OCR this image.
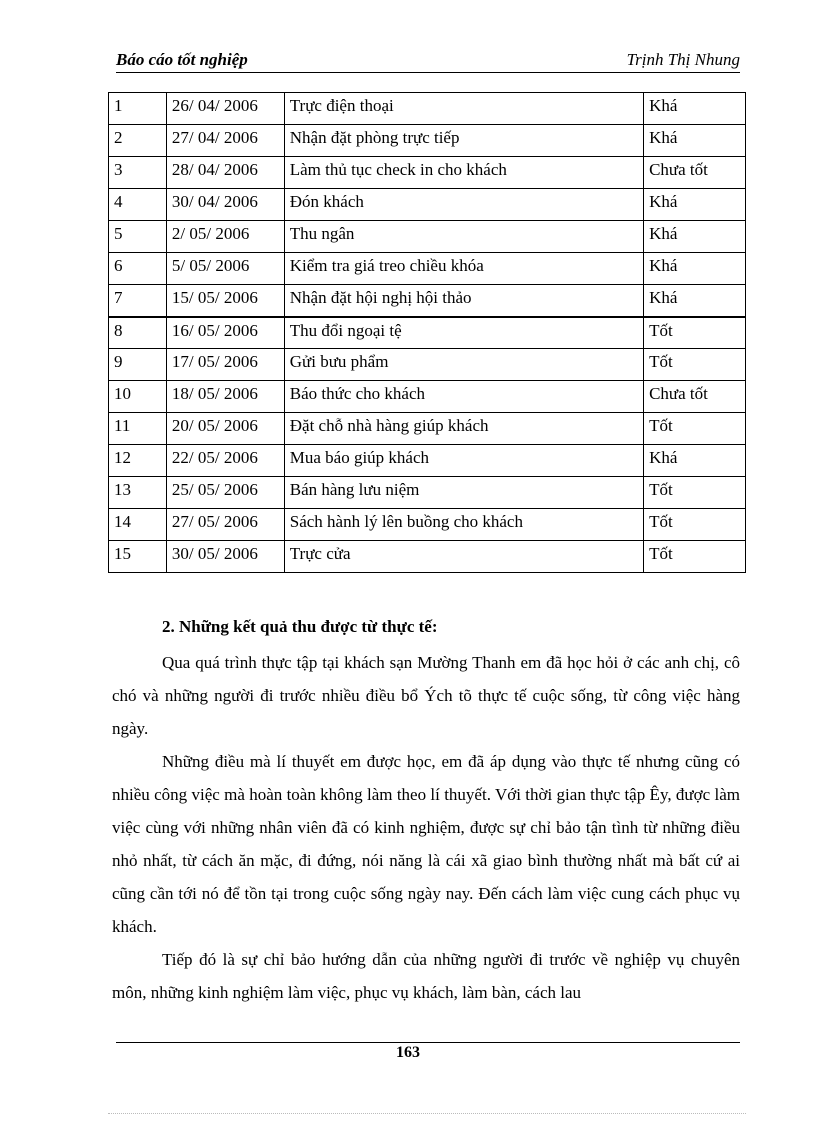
Báo cáo tốt nghiệp	Trịnh Thị Nhung
1	26/ 04/ 2006	Trực điện thoại	Khá
2	27/ 04/ 2006	Nhận đặt phòng trực tiếp	Khá
3	28/ 04/ 2006	Làm thủ tục check in cho khách	Chưa tốt
4	30/ 04/ 2006	Đón khách	Khá
5	2/ 05/ 2006	Thu ngân	Khá
6	5/ 05/ 2006	Kiểm tra giá treo chiều khóa	Khá
7	15/ 05/ 2006	Nhận đặt hội nghị hội thảo	Khá
8	16/ 05/ 2006	Thu đổi ngoại tệ	Tốt
9	17/ 05/ 2006	Gửi bưu phẩm	Tốt
10	18/ 05/ 2006	Báo thức cho khách	Chưa tốt
11	20/ 05/ 2006	Đặt chỗ nhà hàng giúp khách	Tốt
12	22/ 05/ 2006	Mua báo giúp khách	Khá
13	25/ 05/ 2006	Bán hàng lưu niệm	Tốt
14	27/ 05/ 2006	Sách hành lý lên buồng cho khách	Tốt
15	30/ 05/ 2006	Trực cửa	Tốt
2. Những kết quả thu được từ thực tế:

Qua quá trình thực tập tại khách sạn Mường Thanh em đã học hỏi ở các anh chị, cô chó và những người đi trước nhiều điều bổ Ých tõ thực tế cuộc sống, từ công việc hàng ngày.

Những điều mà lí thuyết em được học, em đã áp dụng vào thực tế nhưng cũng có nhiều công việc mà hoàn toàn không làm theo lí thuyết. Với thời gian thực tập Êy, được làm việc cùng với những nhân viên đã có kinh nghiệm, được sự chỉ bảo tận tình từ những điều nhỏ nhất, từ cách ăn mặc, đi đứng, nói năng là cái xã giao bình thường nhất mà bất cứ ai cũng cần tới nó để tồn tại trong cuộc sống ngày nay. Đến cách làm việc cung cách phục vụ khách.

Tiếp đó là sự chỉ bảo hướng dẫn của những người đi trước về nghiệp vụ chuyên môn, những kinh nghiệm làm việc, phục vụ khách, làm bàn, cách lau

163
